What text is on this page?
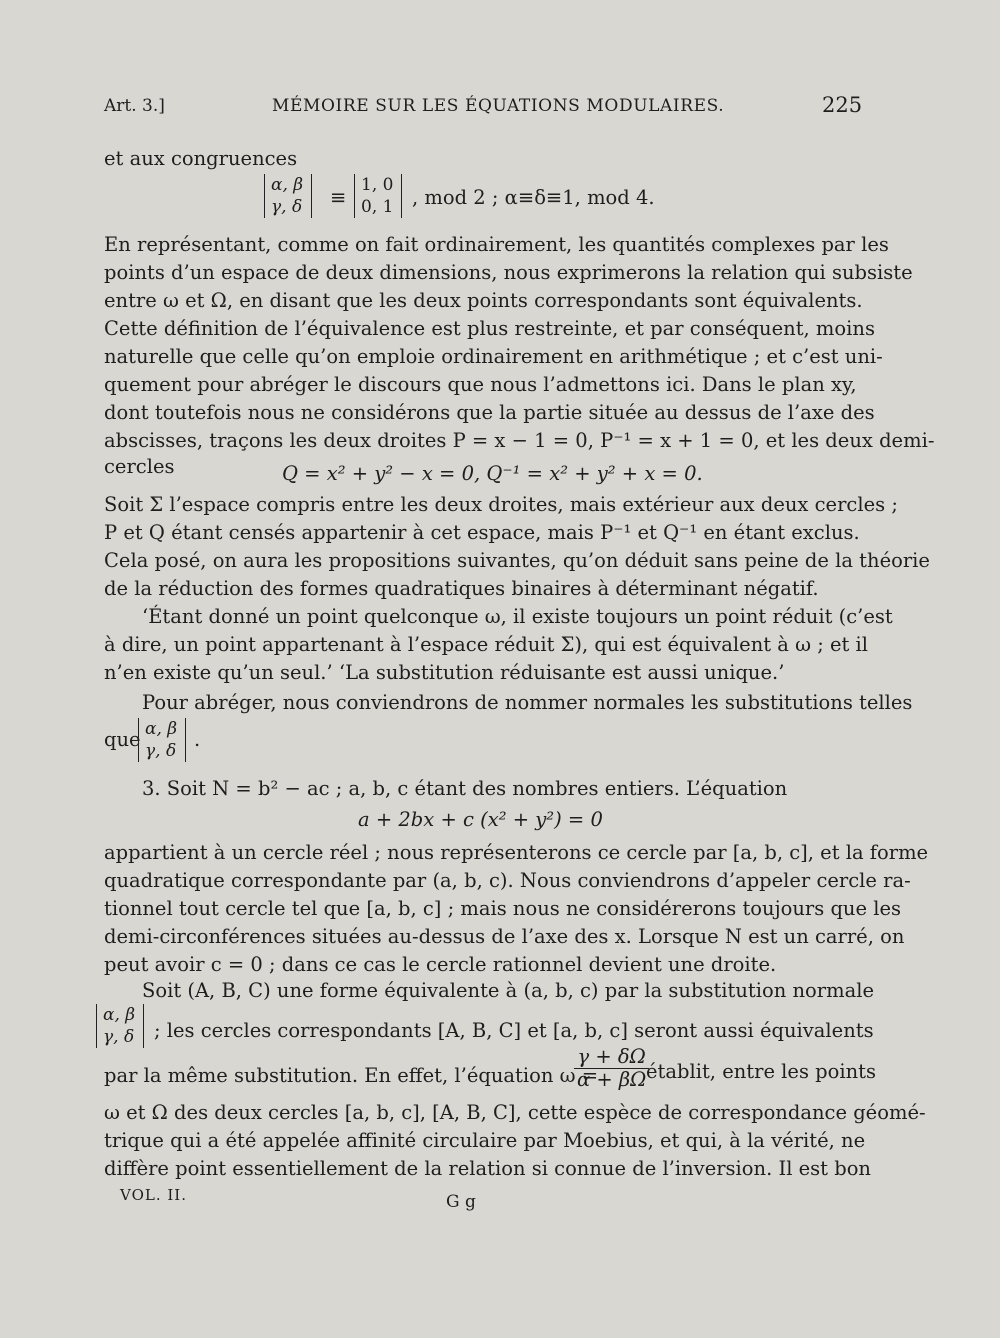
Art. 3.]	MÉMOIRE SUR LES ÉQUATIONS MODULAIRES.	225
et aux congruences
α, β
γ, δ ≡
1, 0
0, 1 , mod 2 ; α≡δ≡1, mod 4.
En représentant, comme on fait ordinairement, les quantités complexes par les
points d’un espace de deux dimensions, nous exprimerons la relation qui subsiste
entre ω et Ω, en disant que les deux points correspondants sont équivalents.
Cette définition de l’équivalence est plus restreinte, et par conséquent, moins
naturelle que celle qu’on emploie ordinairement en arithmétique ; et c’est uni-
quement pour abréger le discours que nous l’admettons ici. Dans le plan xy,
dont toutefois nous ne considérons que la partie située au dessus de l’axe des
abscisses, traçons les deux droites P = x − 1 = 0, P⁻¹ = x + 1 = 0, et les deux demi-
cercles	Q = x² + y² − x = 0, Q⁻¹ = x² + y² + x = 0.
Soit Σ l’espace compris entre les deux droites, mais extérieur aux deux cercles ;
P et Q étant censés appartenir à cet espace, mais P⁻¹ et Q⁻¹ en étant exclus.
Cela posé, on aura les propositions suivantes, qu’on déduit sans peine de la théorie
de la réduction des formes quadratiques binaires à déterminant négatif.
‘Étant donné un point quelconque ω, il existe toujours un point réduit (c’est
à dire, un point appartenant à l’espace réduit Σ), qui est équivalent à ω ; et il
n’en existe qu’un seul.’ ‘La substitution réduisante est aussi unique.’
Pour abréger, nous conviendrons de nommer normales les substitutions telles
que α, β
γ, δ .
3. Soit N = b² − ac ; a, b, c étant des nombres entiers. L’équation
a + 2bx + c (x² + y²) = 0
appartient à un cercle réel ; nous représenterons ce cercle par [a, b, c], et la forme
quadratique correspondante par (a, b, c). Nous conviendrons d’appeler cercle ra-
tionnel tout cercle tel que [a, b, c] ; mais nous ne considérerons toujours que les
demi-circonférences situées au-dessus de l’axe des x. Lorsque N est un carré, on
peut avoir c = 0 ; dans ce cas le cercle rationnel devient une droite.
Soit (A, B, C) une forme équivalente à (a, b, c) par la substitution normale
α, β
γ, δ ; les cercles correspondants [A, B, C] et [a, b, c] seront aussi équivalents
par la même substitution. En effet, l’équation ω =
$\frac{\gamma + \delta\Omega}{\alpha + \beta\Omega}$
établit, entre les points
ω et Ω des deux cercles [a, b, c], [A, B, C], cette espèce de correspondance géomé-
trique qui a été appelée affinité circulaire par Moebius, et qui, à la vérité, ne
diffère point essentiellement de la relation si connue de l’inversion. Il est bon
VOL. II.	G g
